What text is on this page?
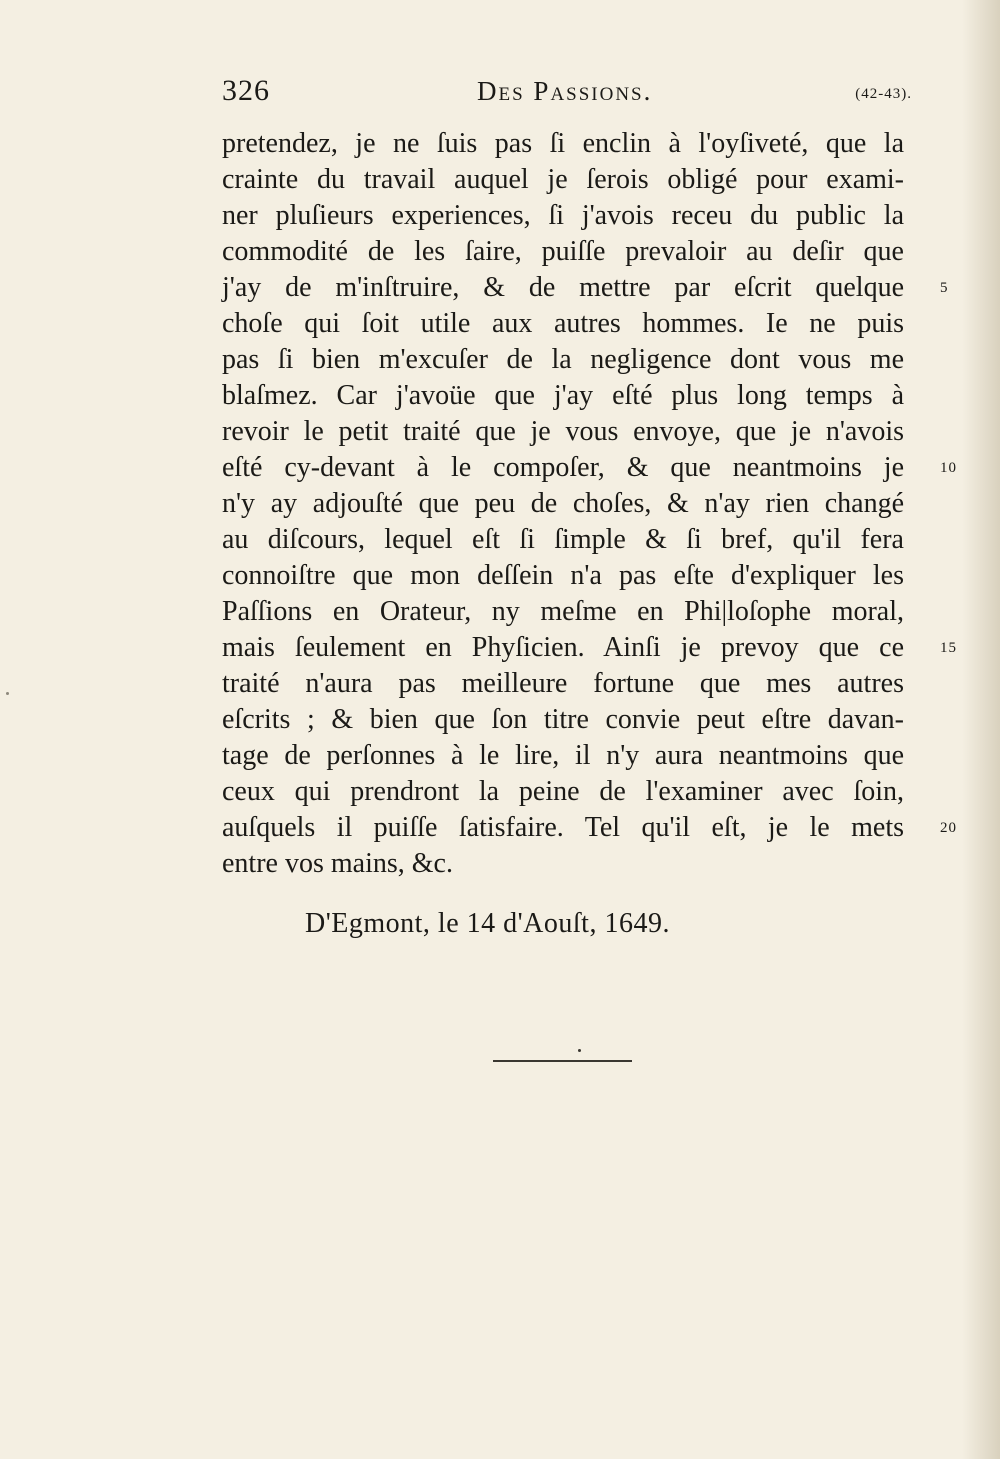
326	Des Passions.	(42-43).
pretendez, je ne ſuis pas ſi enclin à l'oyſiveté, que la
crainte du travail auquel je ſerois obligé pour exami-
ner pluſieurs experiences, ſi j'avois receu du public la
commodité de les ſaire, puiſſe prevaloir au deſir que
j'ay de m'inſtruire, & de mettre par eſcrit quelque 5
choſe qui ſoit utile aux autres hommes. Ie ne puis
pas ſi bien m'excuſer de la negligence dont vous me
blaſmez. Car j'avoüe que j'ay eſté plus long temps à
revoir le petit traité que je vous envoye, que je n'avois
eſté cy-devant à le compoſer, & que neantmoins je 10
n'y ay adjouſté que peu de choſes, & n'ay rien changé
au diſcours, lequel eſt ſi ſimple & ſi bref, qu'il fera
connoiſtre que mon deſſein n'a pas eſte d'expliquer les
Paſſions en Orateur, ny meſme en Phi|loſophe moral,
mais ſeulement en Phyſicien. Ainſi je prevoy que ce 15
traité n'aura pas meilleure fortune que mes autres
eſcrits ; & bien que ſon titre convie peut eſtre davan-
tage de perſonnes à le lire, il n'y aura neantmoins que
ceux qui prendront la peine de l'examiner avec ſoin,
auſquels il puiſſe ſatisfaire. Tel qu'il eſt, je le mets 20
entre vos mains, &c.
D'Egmont, le 14 d'Aouſt, 1649.
